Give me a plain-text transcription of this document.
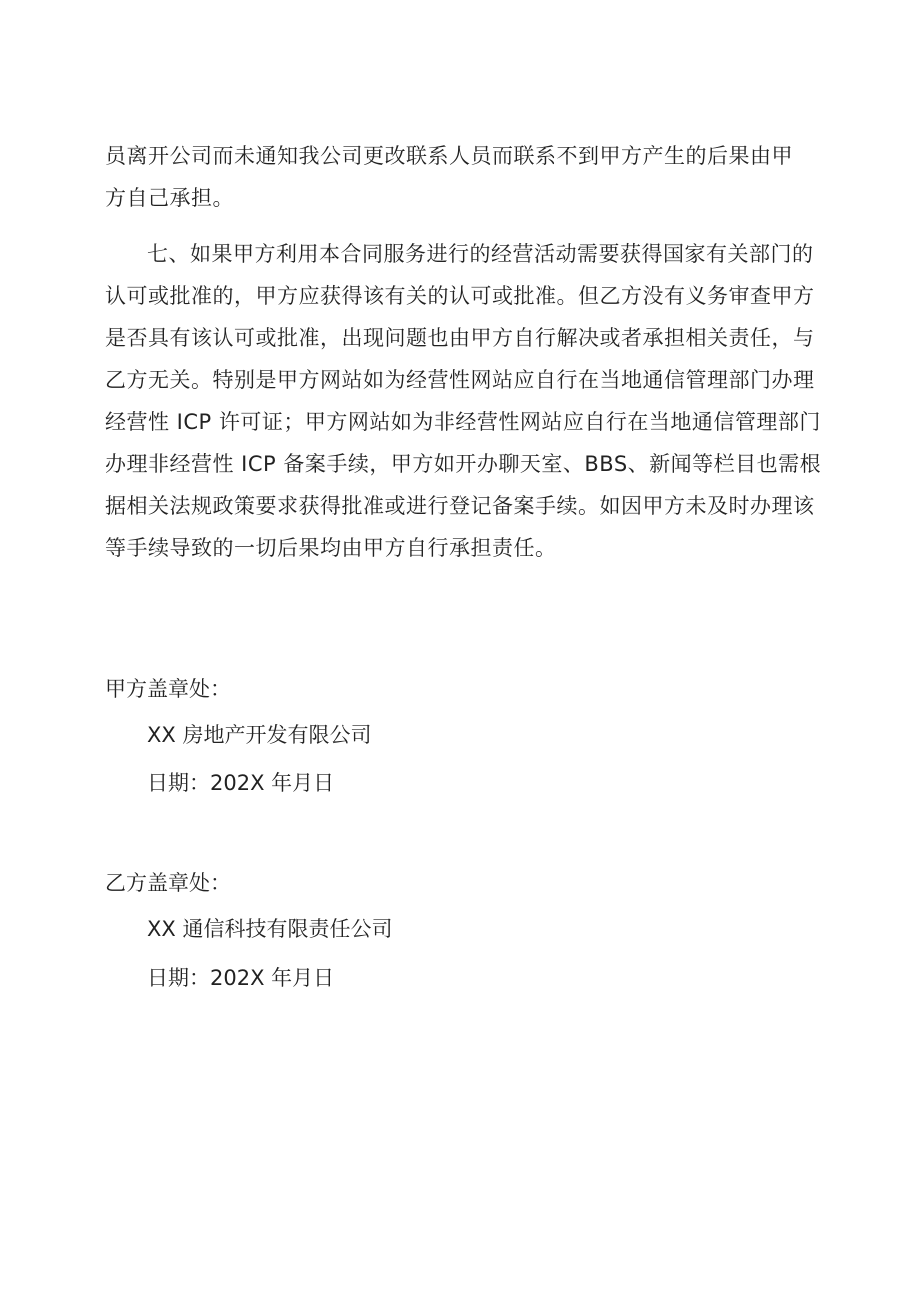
员离开公司而未通知我公司更改联系人员而联系不到甲方产生的后果由甲
方自己承担。
七、如果甲方利用本合同服务进行的经营活动需要获得国家有关部门的
认可或批准的，甲方应获得该有关的认可或批准。但乙方没有义务审查甲方
是否具有该认可或批准，出现问题也由甲方自行解决或者承担相关责任，与
乙方无关。特别是甲方网站如为经营性网站应自行在当地通信管理部门办理
经营性 ICP 许可证；甲方网站如为非经营性网站应自行在当地通信管理部门
办理非经营性 ICP 备案手续，甲方如开办聊天室、BBS、新闻等栏目也需根
据相关法规政策要求获得批准或进行登记备案手续。如因甲方未及时办理该
等手续导致的一切后果均由甲方自行承担责任。

甲方盖章处：

XX 房地产开发有限公司

日期：202X 年月日

乙方盖章处：

XX 通信科技有限责任公司

日期：202X 年月日
